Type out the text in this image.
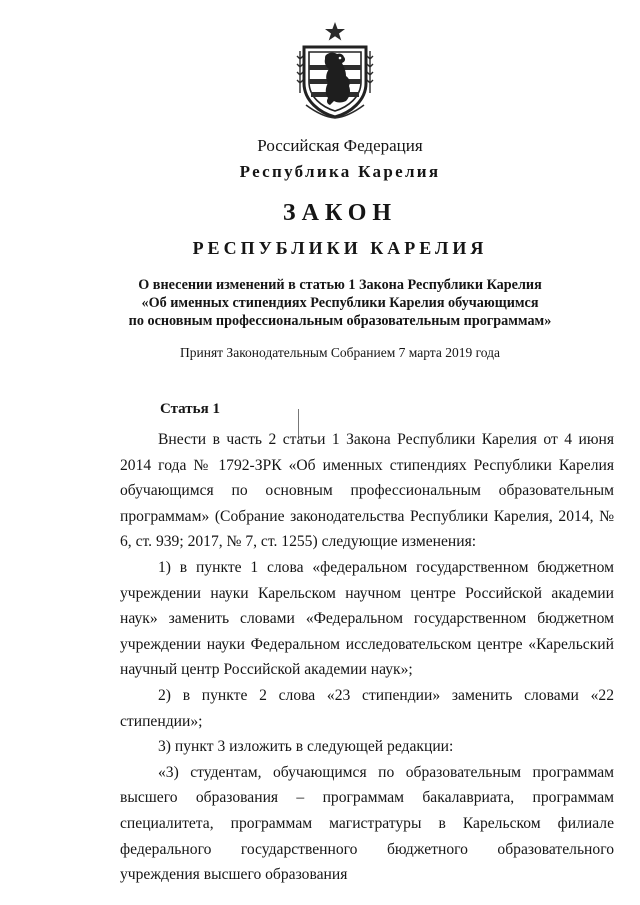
Российская Федерация
Республика Карелия
ЗАКОН
РЕСПУБЛИКИ КАРЕЛИЯ
О внесении изменений в статью 1 Закона Республики Карелия
«Об именных стипендиях Республики Карелия обучающимся
по основным профессиональным образовательным программам»
Принят Законодательным Собранием 7 марта 2019 года
Статья 1

Внести в часть 2 статьи 1 Закона Республики Карелия от 4 июня 2014 года № 1792-ЗРК «Об именных стипендиях Республики Карелия обучающимся по основным профессиональным образовательным программам» (Собрание законодательства Республики Карелия, 2014, № 6, ст. 939; 2017, № 7, ст. 1255) следующие изменения:

1) в пункте 1 слова «федеральном государственном бюджетном учреждении науки Карельском научном центре Российской академии наук» заменить словами «Федеральном государственном бюджетном учреждении науки Федеральном исследовательском центре «Карельский научный центр Российской академии наук»;

2) в пункте 2 слова «23 стипендии» заменить словами «22 стипендии»;

3) пункт 3 изложить в следующей редакции:

«3) студентам, обучающимся по образовательным программам высшего образования – программам бакалавриата, программам специалитета, программам магистратуры в Карельском филиале федерального государственного бюджетного образовательного учреждения высшего образования
